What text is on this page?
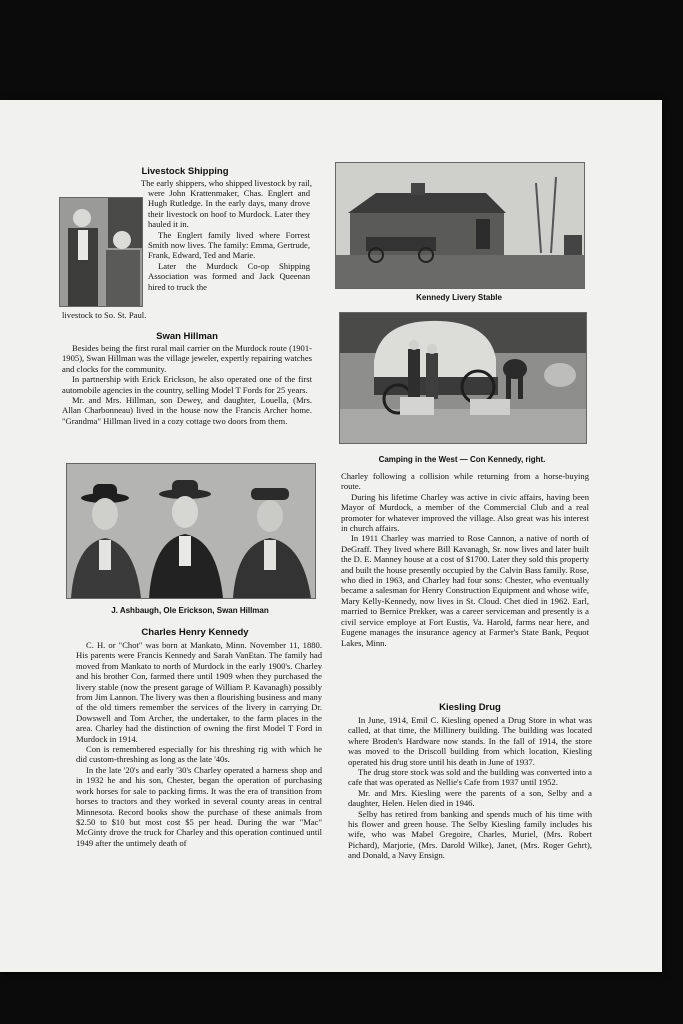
Livestock Shipping

The early shippers, who shipped livestock by rail,

were John Krattenmaker, Chas. Englert and Hugh Rutledge. In the early days, many drove their livestock on hoof to Murdock. Later they hauled it in.

The Englert family lived where Forrest Smith now lives. The family: Emma, Gertrude, Frank, Edward, Ted and Marie.

Later the Murdock Co-op Shipping Association was formed and Jack Queenan hired to truck the

livestock to So. St. Paul.

Swan Hillman

Besides being the first rural mail carrier on the Murdock route (1901-1905), Swan Hillman was the village jeweler, expertly repairing watches and clocks for the community.

In partnership with Erick Erickson, he also operated one of the first automobile agencies in the country, selling Model T Fords for 25 years.

Mr. and Mrs. Hillman, son Dewey, and daughter, Louella, (Mrs. Allan Charbonneau) lived in the house now the Francis Archer home. "Grandma" Hillman lived in a cozy cottage two doors from them.

J. Ashbaugh, Ole Erickson, Swan Hillman
Charles Henry Kennedy

C. H. or "Chot" was born at Mankato, Minn. November 11, 1880. His parents were Francis Kennedy and Sarah VanEtan. The family had moved from Mankato to north of Murdock in the early 1900's. Charley and his brother Con, farmed there until 1909 when they purchased the livery stable (now the present garage of William P. Kavanagh) possibly from Jim Lannon. The livery was then a flourishing business and many of the old timers remember the services of the livery in carrying Dr. Dowswell and Tom Archer, the undertaker, to the farm places in the area. Charley had the distinction of owning the first Model T Ford in Murdock in 1914.

Con is remembered especially for his threshing rig with which he did custom-threshing as long as the late '40s.

In the late '20's and early '30's Charley operated a harness shop and in 1932 he and his son, Chester, began the operation of purchasing work horses for sale to packing firms. It was the era of transition from horses to tractors and they worked in several county areas in central Minnesota. Record books show the purchase of these animals from $2.50 to $10 but most cost $5 per head. During the war "Mac" McGinty drove the truck for Charley and this operation continued until 1949 after the untimely death of

Kennedy Livery Stable
Camping in the West — Con Kennedy, right.

Charley following a collision while returning from a horse-buying route.

During his lifetime Charley was active in civic affairs, having been Mayor of Murdock, a member of the Commercial Club and a real promoter for whatever improved the village. Also great was his interest in church affairs.

In 1911 Charley was married to Rose Cannon, a native of north of DeGraff. They lived where Bill Kavanagh, Sr. now lives and later built the D. E. Manney house at a cost of $1700. Later they sold this property and built the house presently occupied by the Calvin Bass family. Rose, who died in 1963, and Charley had four sons: Chester, who eventually became a salesman for Henry Construction Equipment and whose wife, Mary Kelly-Kennedy, now lives in St. Cloud. Chet died in 1962. Earl, married to Bernice Prekker, was a career serviceman and presently is a civil service employe at Fort Eustis, Va. Harold, farms near here, and Eugene manages the insurance agency at Farmer's State Bank, Pequot Lakes, Minn.

Kiesling Drug

In June, 1914, Emil C. Kiesling opened a Drug Store in what was called, at that time, the Millinery building. The building was located where Broden's Hardware now stands. In the fall of 1914, the store was moved to the Driscoll building from which location, Kiesling operated his drug store until his death in June of 1937.

The drug store stock was sold and the building was converted into a cafe that was operated as Nellie's Cafe from 1937 until 1952.

Mr. and Mrs. Kiesling were the parents of a son, Selby and a daughter, Helen. Helen died in 1946.

Selby has retired from banking and spends much of his time with his flower and green house. The Selby Kiesling family includes his wife, who was Mabel Gregoire, Charles, Muriel, (Mrs. Robert Pichard), Marjorie, (Mrs. Darold Wilke), Janet, (Mrs. Roger Gehrt), and Donald, a Navy Ensign.
